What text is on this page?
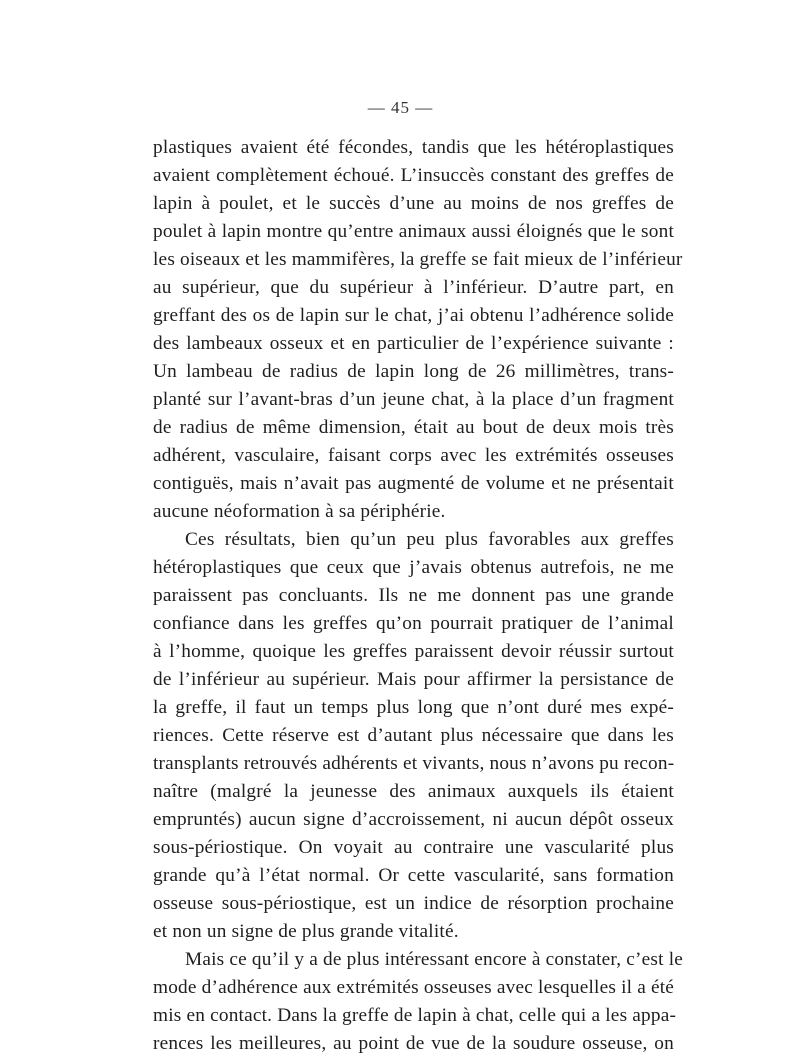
— 45 —
plastiques avaient été fécondes, tandis que les hétéroplastiques
avaient complètement échoué. L’insuccès constant des greffes de
lapin à poulet, et le succès d’une au moins de nos greffes de
poulet à lapin montre qu’entre animaux aussi éloignés que le sont
les oiseaux et les mammifères, la greffe se fait mieux de l’inférieur
au supérieur, que du supérieur à l’inférieur. D’autre part, en
greffant des os de lapin sur le chat, j’ai obtenu l’adhérence solide
des lambeaux osseux et en particulier de l’expérience suivante :
Un lambeau de radius de lapin long de 26 millimètres, trans-
planté sur l’avant-bras d’un jeune chat, à la place d’un fragment
de radius de même dimension, était au bout de deux mois très
adhérent, vasculaire, faisant corps avec les extrémités osseuses
contiguës, mais n’avait pas augmenté de volume et ne présentait
aucune néoformation à sa périphérie.
Ces résultats, bien qu’un peu plus favorables aux greffes
hétéroplastiques que ceux que j’avais obtenus autrefois, ne me
paraissent pas concluants. Ils ne me donnent pas une grande
confiance dans les greffes qu’on pourrait pratiquer de l’animal
à l’homme, quoique les greffes paraissent devoir réussir surtout
de l’inférieur au supérieur. Mais pour affirmer la persistance de
la greffe, il faut un temps plus long que n’ont duré mes expé-
riences. Cette réserve est d’autant plus nécessaire que dans les
transplants retrouvés adhérents et vivants, nous n’avons pu recon-
naître (malgré la jeunesse des animaux auxquels ils étaient
empruntés) aucun signe d’accroissement, ni aucun dépôt osseux
sous-périostique. On voyait au contraire une vascularité plus
grande qu’à l’état normal. Or cette vascularité, sans formation
osseuse sous-périostique, est un indice de résorption prochaine
et non un signe de plus grande vitalité.
Mais ce qu’il y a de plus intéressant encore à constater, c’est le
mode d’adhérence aux extrémités osseuses avec lesquelles il a été
mis en contact. Dans la greffe de lapin à chat, celle qui a les appa-
rences les meilleures, au point de vue de la soudure osseuse, on
